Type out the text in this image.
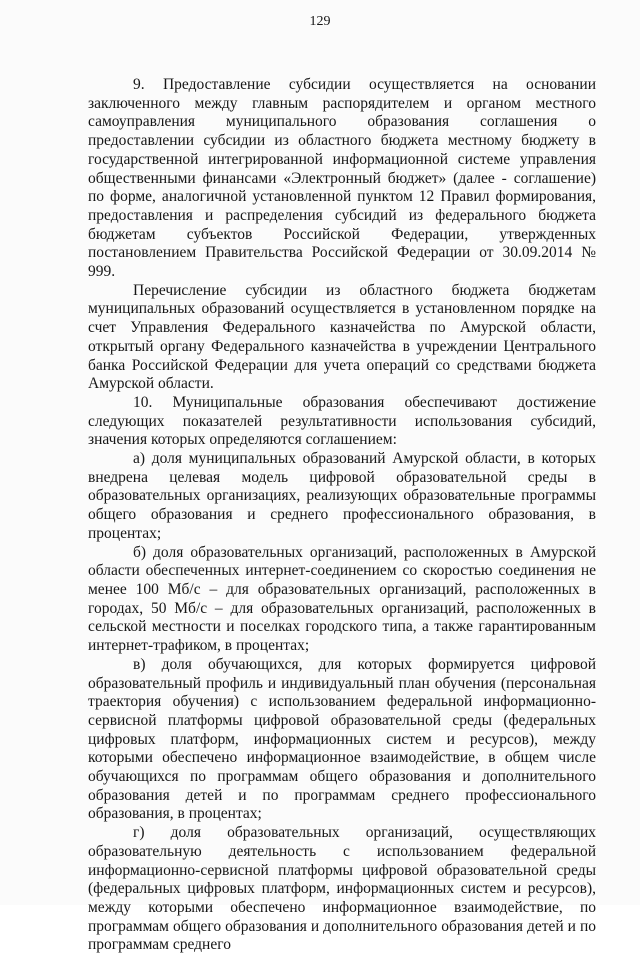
129

9. Предоставление субсидии осуществляется на основании заключенного между главным распорядителем и органом местного самоуправления муниципального образования соглашения о предоставлении субсидии из областного бюджета местному бюджету в государственной интегрированной информационной системе управления общественными финансами «Электронный бюджет» (далее - соглашение) по форме, аналогичной установленной пунктом 12 Правил формирования, предоставления и распределения субсидий из федерального бюджета бюджетам субъектов Российской Федерации, утвержденных постановлением Правительства Российской Федерации от 30.09.2014 № 999.

Перечисление субсидии из областного бюджета бюджетам муниципальных образований осуществляется в установленном порядке на счет Управления Федерального казначейства по Амурской области, открытый органу Федерального казначейства в учреждении Центрального банка Российской Федерации для учета операций со средствами бюджета Амурской области.

10. Муниципальные образования обеспечивают достижение следующих показателей результативности использования субсидий, значения которых определяются соглашением:

а) доля муниципальных образований Амурской области, в которых внедрена целевая модель цифровой образовательной среды в образовательных организациях, реализующих образовательные программы общего образования и среднего профессионального образования, в процентах;

б) доля образовательных организаций, расположенных в Амурской области обеспеченных интернет-соединением со скоростью соединения не менее 100 Мб/с – для образовательных организаций, расположенных в городах, 50 Мб/с – для образовательных организаций, расположенных в сельской местности и поселках городского типа, а также гарантированным интернет-трафиком, в процентах;

в) доля обучающихся, для которых формируется цифровой образовательный профиль и индивидуальный план обучения (персональная траектория обучения) с использованием федеральной информационно-сервисной платформы цифровой образовательной среды (федеральных цифровых платформ, информационных систем и ресурсов), между которыми обеспечено информационное взаимодействие, в общем числе обучающихся по программам общего образования и дополнительного образования детей и по программам среднего профессионального образования, в процентах;

г) доля образовательных организаций, осуществляющих образовательную деятельность с использованием федеральной информационно-сервисной платформы цифровой образовательной среды (федеральных цифровых платформ, информационных систем и ресурсов), между которыми обеспечено информационное взаимодействие, по программам общего образования и дополнительного образования детей и по программам среднего
